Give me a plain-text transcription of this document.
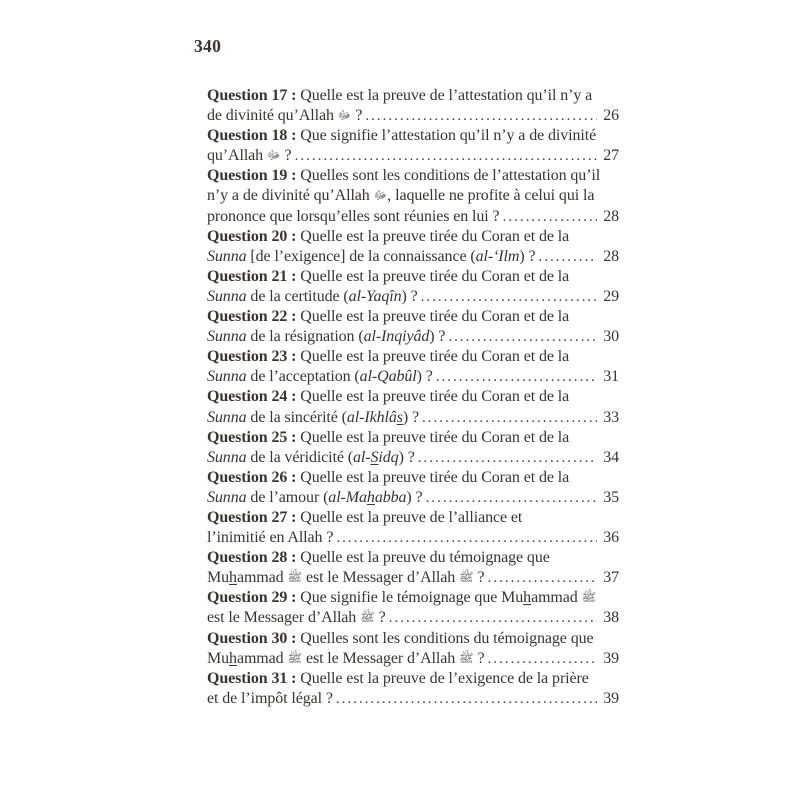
340
Question 17 : Quelle est la preuve de l’attestation qu’il n’y a
de divinité qu’Allah ﷻ ? .....	26
Question 18 : Que signifie l’attestation qu’il n’y a de divinité
qu’Allah ﷻ ? .....	27
Question 19 : Quelles sont les conditions de l’attestation qu’il
n’y a de divinité qu’Allah ﷻ, laquelle ne profite à celui qui la
prononce que lorsqu’elles sont réunies en lui ? .....	28
Question 20 : Quelle est la preuve tirée du Coran et de la
Sunna [de l’exigence] de la connaissance (al-‘Ilm) ? .....	28
Question 21 : Quelle est la preuve tirée du Coran et de la
Sunna de la certitude (al-Yaqîn) ? .....	29
Question 22 : Quelle est la preuve tirée du Coran et de la
Sunna de la résignation (al-Inqiyâd) ? .....	30
Question 23 : Quelle est la preuve tirée du Coran et de la
Sunna de l’acceptation (al-Qabûl) ? .....	31
Question 24 : Quelle est la preuve tirée du Coran et de la
Sunna de la sincérité (al-Ikhlâs) ? .....	33
Question 25 : Quelle est la preuve tirée du Coran et de la
Sunna de la véridicité (al-Sidq) ? .....	34
Question 26 : Quelle est la preuve tirée du Coran et de la
Sunna de l’amour (al-Mahabba) ? .....	35
Question 27 : Quelle est la preuve de l’alliance et
l’inimitié en Allah ? .....	36
Question 28 : Quelle est la preuve du témoignage que
Muhammad ﷺ est le Messager d’Allah ﷺ ? .....	37
Question 29 : Que signifie le témoignage que Muhammad ﷺ
est le Messager d’Allah ﷺ ? .....	38
Question 30 : Quelles sont les conditions du témoignage que
Muhammad ﷺ est le Messager d’Allah ﷺ ? .....	39
Question 31 : Quelle est la preuve de l’exigence de la prière
et de l’impôt légal ? .....	39
